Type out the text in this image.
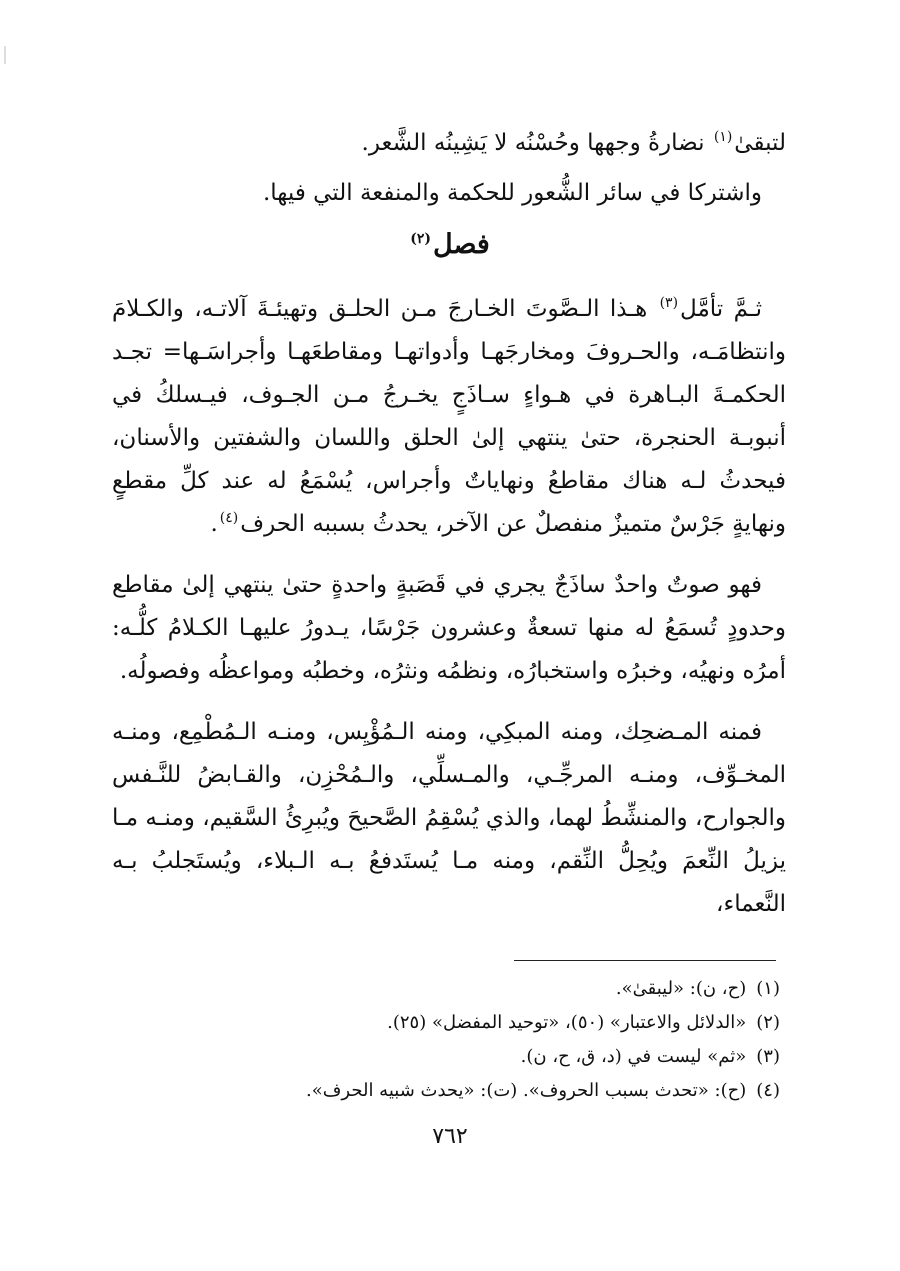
لتبقىٰ$^{(١)}$ نضارةُ وجهها وحُسْنُه لا يَشِينُه الشَّعر.

واشتركا في سائر الشُّعور للحكمة والمنفعة التي فيها.

فصل$^{(٢)}$

ثـمَّ تأمَّل$^{(٣)}$ هـذا الـصَّوتَ الخـارجَ مـن الحلـق وتهيئـةَ آلاتـه، والكـلامَ وانتظامَـه، والحـروفَ ومخارجَهـا وأدواتهـا ومقاطعَهـا وأجراسَـها= تجـد الحكمـةَ البـاهرة في هـواءٍ سـاذَجٍ يخـرجُ مـن الجـوف، فيـسلكُ في أنبوبـة الحنجرة، حتىٰ ينتهي إلىٰ الحلق واللسان والشفتين والأسنان، فيحدثُ لـه هناك مقاطعُ ونهاياتٌ وأجراس، يُسْمَعُ له عند كلِّ مقطعٍ ونهايةٍ جَرْسٌ متميزٌ منفصلٌ عن الآخر، يحدثُ بسببه الحرف$^{(٤)}$.

فهو صوتٌ واحدٌ ساذَجٌ يجري في قَصَبةٍ واحدةٍ حتىٰ ينتهي إلىٰ مقاطع وحدودٍ تُسمَعُ له منها تسعةٌ وعشرون جَرْسًا، يـدورُ عليهـا الكـلامُ كلُّـه: أمرُه ونهيُه، وخبرُه واستخبارُه، ونظمُه ونثرُه، وخطبُه ومواعظُه وفصولُه.

فمنه المـضحِك، ومنه المبكِي، ومنه الـمُؤْيِس، ومنـه الـمُطْمِع، ومنـه المخـوِّف، ومنـه المرجِّـي، والمـسلِّي، والـمُحْزِن، والقـابضُ للنَّـفس والجوارح، والمنشِّطُ لهما، والذي يُسْقِمُ الصَّحيحَ ويُبرِئُ السَّقيم، ومنـه مـا يزيلُ النِّعمَ ويُحِلُّ النِّقم، ومنه مـا يُستَدفعُ بـه الـبلاء، ويُستَجلبُ بـه النَّعماء،

(١)(ح، ن): «ليبقىٰ».

(٢)«الدلائل والاعتبار» (٥٠)، «توحيد المفضل» (٢٥).

(٣)«ثم» ليست في (د، ق، ح، ن).

(٤)(ح): «تحدث بسبب الحروف». (ت): «يحدث شبيه الحرف».

٧٦٢
